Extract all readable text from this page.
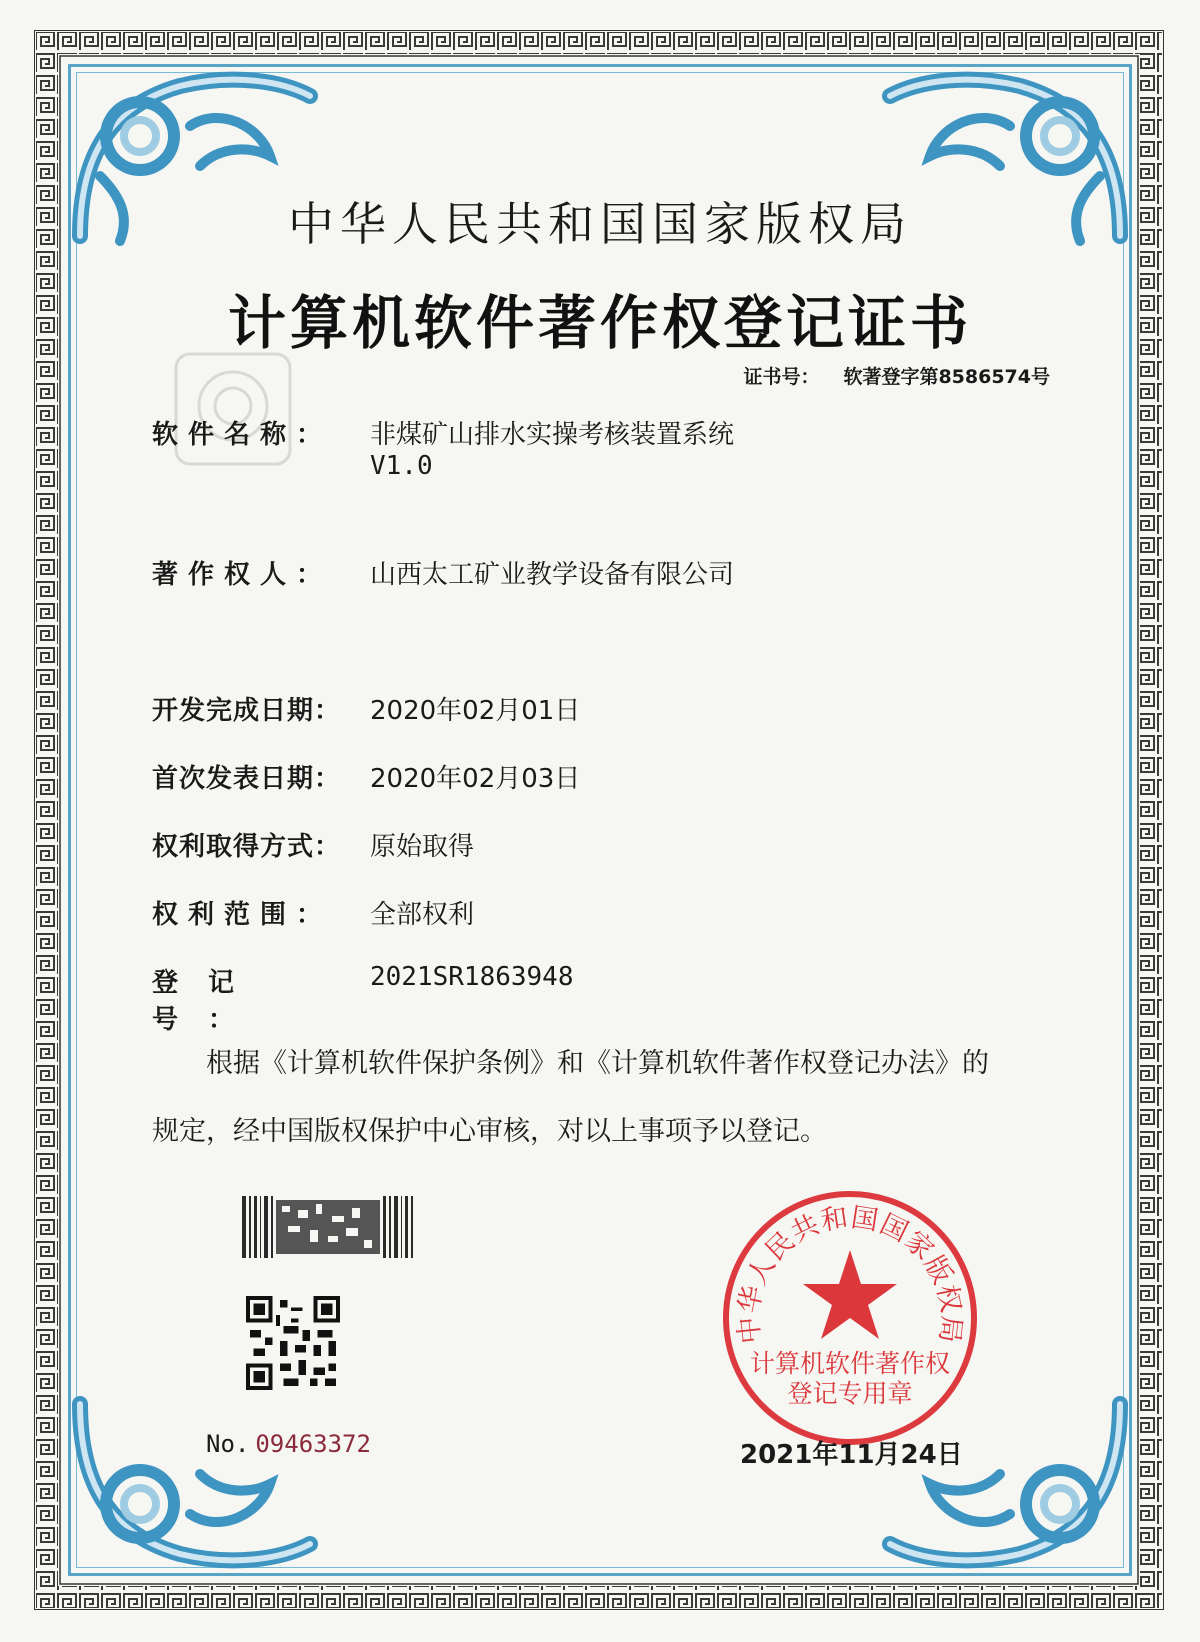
中华人民共和国国家版权局
计算机软件著作权登记证书
证书号： 软著登字第8586574号
软件名称： 非煤矿山排水实操考核装置系统
V1.0
著作权人： 山西太工矿业教学设备有限公司
开发完成日期： 2020年02月01日
首次发表日期： 2020年02月03日
权利取得方式： 原始取得
权利范围： 全部权利
登记号：2021SR1863948
根据《计算机软件保护条例》和《计算机软件著作权登记办法》的
规定，经中国版权保护中心审核，对以上事项予以登记。
No. 09463372
中华人民共和国国家版权局
计算机软件著作权
登记专用章
2021年11月24日
